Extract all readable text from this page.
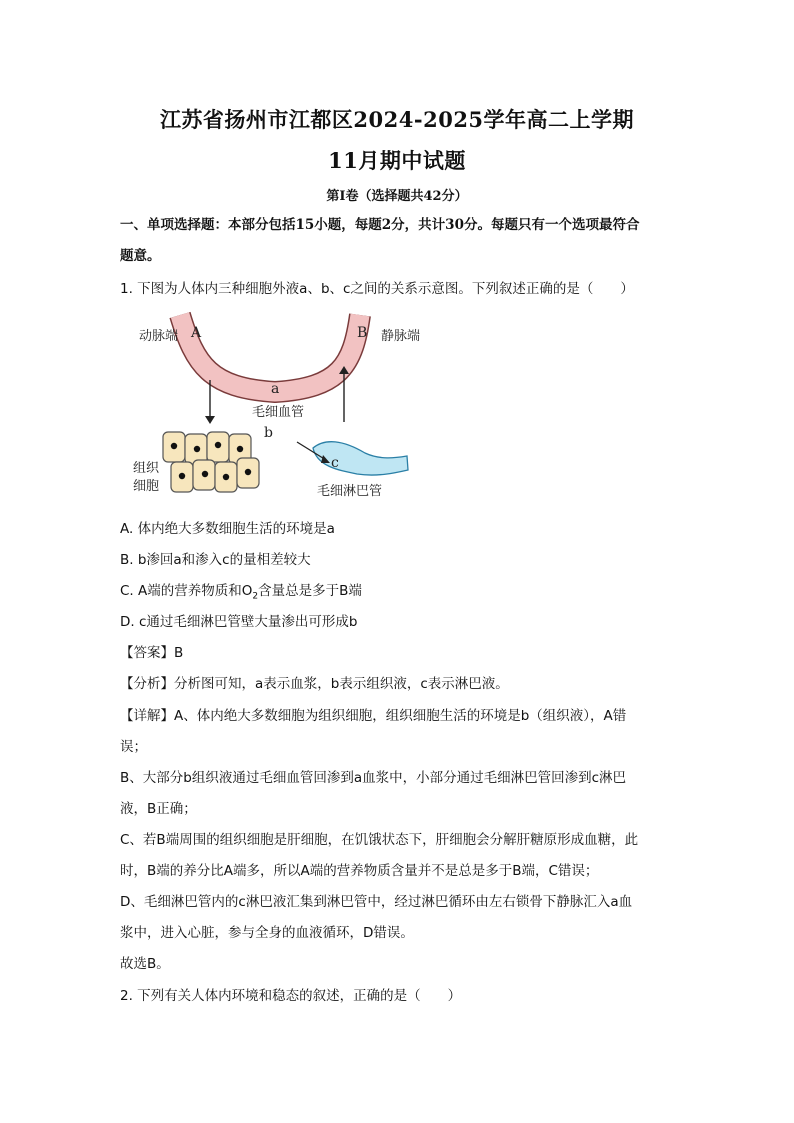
江苏省扬州市江都区2024-2025学年高二上学期
11月期中试题
第Ⅰ卷（选择题共42分）
一、单项选择题：本部分包括15小题，每题2分，共计30分。每题只有一个选项最符合
题意。
1. 下图为人体内三种细胞外液a、b、c之间的关系示意图。下列叙述正确的是（　　）
动脉端 A	B 静脉端
a
毛细血管
b
组织
细胞
c
毛细淋巴管
A. 体内绝大多数细胞生活的环境是a
B. b渗回a和渗入c的量相差较大
C. A端的营养物质和$O_2$含量总是多于B端
D. c通过毛细淋巴管壁大量渗出可形成b
【答案】B
【分析】分析图可知，a表示血浆，b表示组织液，c表示淋巴液。
【详解】A、体内绝大多数细胞为组织细胞，组织细胞生活的环境是b（组织液），A错
误；
B、大部分b组织液通过毛细血管回渗到a血浆中，小部分通过毛细淋巴管回渗到c淋巴
液，B正确；
C、若B端周围的组织细胞是肝细胞，在饥饿状态下，肝细胞会分解肝糖原形成血糖，此
时，B端的养分比A端多，所以A端的营养物质含量并不是总是多于B端，C错误；
D、毛细淋巴管内的c淋巴液汇集到淋巴管中，经过淋巴循环由左右锁骨下静脉汇入a血
浆中，进入心脏，参与全身的血液循环，D错误。
故选B。
2. 下列有关人体内环境和稳态的叙述，正确的是（　　）
